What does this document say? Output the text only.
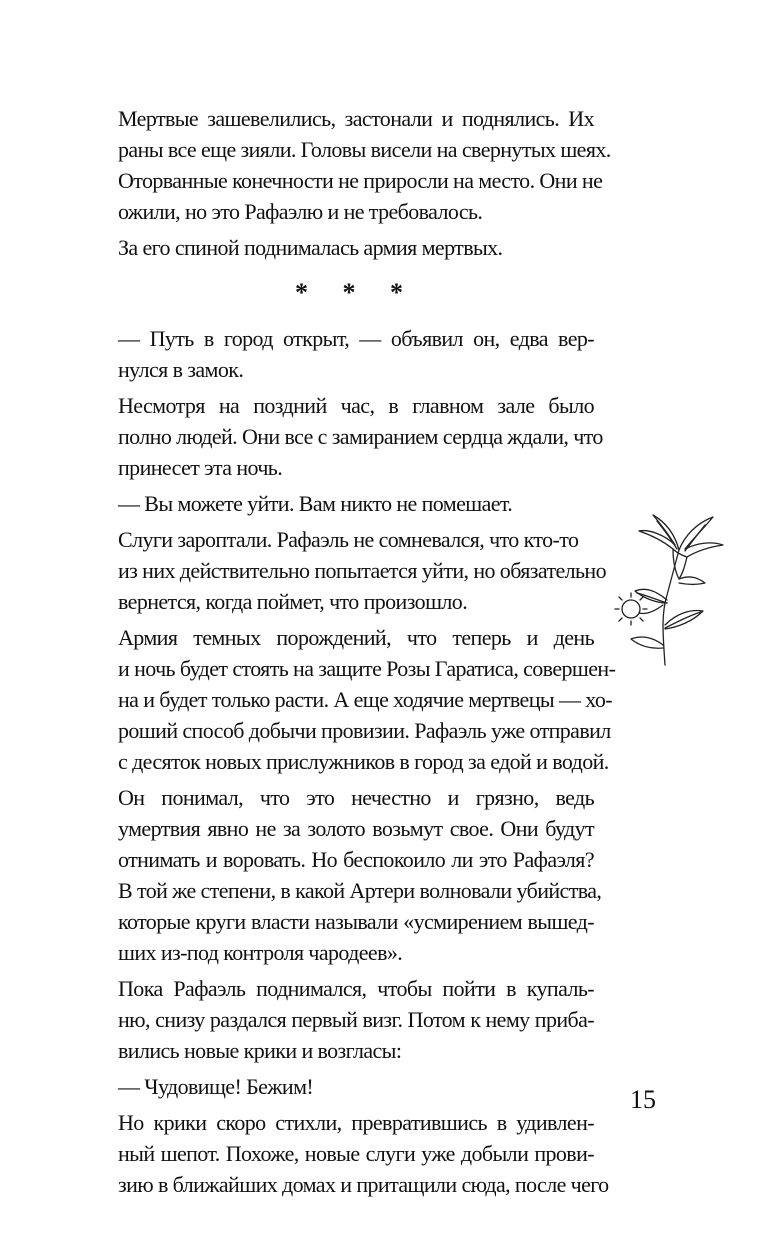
Мертвые зашевелились, застонали и поднялись. Их
раны все еще зияли. Головы висели на свернутых шеях.
Оторванные конечности не приросли на место. Они не
ожили, но это Рафаэлю и не требовалось.
За его спиной поднималась армия мертвых.
* * *
— Путь в город открыт, — объявил он, едва вер-
нулся в замок.
Несмотря на поздний час, в главном зале было
полно людей. Они все с замиранием сердца ждали, что
принесет эта ночь.
— Вы можете уйти. Вам никто не помешает.
Слуги зароптали. Рафаэль не сомневался, что кто-то
из них действительно попытается уйти, но обязательно
вернется, когда поймет, что произошло.
Армия темных порождений, что теперь и день
и ночь будет стоять на защите Розы Гаратиса, совершен-
на и будет только расти. А еще ходячие мертвецы — хо-
роший способ добычи провизии. Рафаэль уже отправил
с десяток новых прислужников в город за едой и водой.
Он понимал, что это нечестно и грязно, ведь
умертвия явно не за золото возьмут свое. Они будут
отнимать и воровать. Но беспокоило ли это Рафаэля?
В той же степени, в какой Артери волновали убийства,
которые круги власти называли «усмирением вышед-
ших из-под контроля чародеев».
Пока Рафаэль поднимался, чтобы пойти в купаль-
ню, снизу раздался первый визг. Потом к нему приба-
вились новые крики и возгласы:
— Чудовище! Бежим!
Но крики скоро стихли, превратившись в удивлен-
ный шепот. Похоже, новые слуги уже добыли прови-
зию в ближайших домах и притащили сюда, после чего
15
